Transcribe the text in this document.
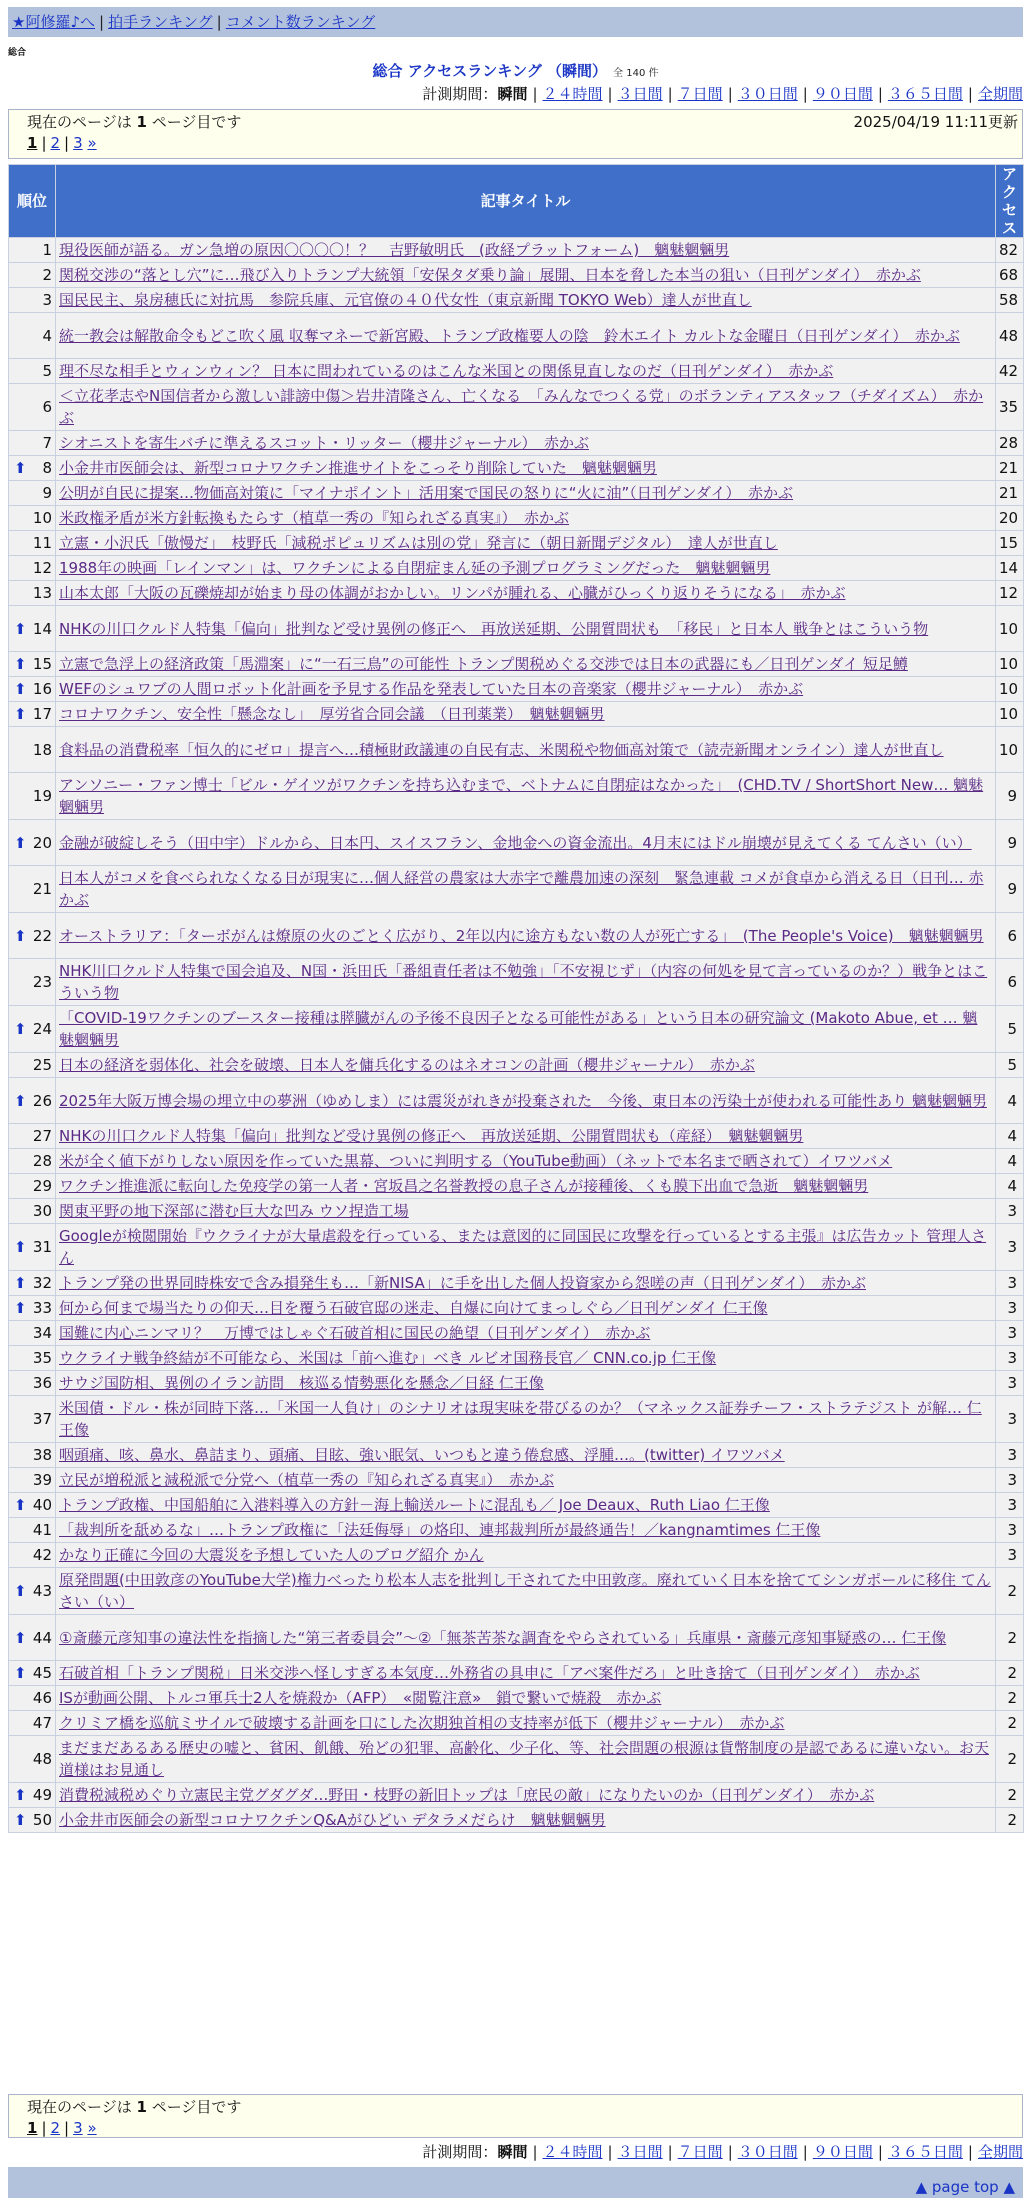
★阿修羅♪へ | 拍手ランキング | コメント数ランキング
総合
総合 アクセスランキング （瞬間） 全 140 件
計測期間：瞬間 | ２４時間 | ３日間 | ７日間 | ３０日間 | ９０日間 | ３６５日間 | 全期間
現在のページは 1 ページ目です	2025/04/19 11:11更新
1 | 2 | 3 »
順位	記事タイトル	アクセス
1	現役医師が語る。ガン急増の原因〇〇〇〇！？　吉野敏明氏　(政経プラットフォーム)　魑魅魍魎男	82
2	関税交渉の“落とし穴”に…飛び入りトランプ大統領「安保タダ乗り論」展開、日本を脅した本当の狙い（日刊ゲンダイ）　赤かぶ	68
3	国民民主、泉房穂氏に対抗馬　参院兵庫、元官僚の４０代女性（東京新聞 TOKYO Web）達人が世直し	58
4	統一教会は解散命令もどこ吹く風 収奪マネーで新宮殿、トランプ政権要人の陰　鈴木エイト カルトな金曜日（日刊ゲンダイ）　赤かぶ	48
5	理不尽な相手とウィンウィン？ 日本に問われているのはこんな米国との関係見直しなのだ（日刊ゲンダイ）　赤かぶ	42
6	＜立花孝志やN国信者から激しい誹謗中傷＞岩井清隆さん、亡くなる　「みんなでつくる党」のボランティアスタッフ（チダイズム）　赤かぶ	35
7	シオニストを寄生バチに準えるスコット・リッター（櫻井ジャーナル）　赤かぶ	28

⬆ 8	小金井市医師会は、新型コロナワクチン推進サイトをこっそり削除していた　魑魅魍魎男	21
9	公明が自民に提案…物価高対策に「マイナポイント」活用案で国民の怒りに“火に油”（日刊ゲンダイ）　赤かぶ	21
10	米政権矛盾が米方針転換もたらす（植草一秀の『知られざる真実』）　赤かぶ	20
11	立憲・小沢氏「傲慢だ」　枝野氏「減税ポピュリズムは別の党」発言に（朝日新聞デジタル）　達人が世直し	15
12	1988年の映画「レインマン」は、ワクチンによる自閉症まん延の予測プログラミングだった　魑魅魍魎男	14
13	山本太郎「大阪の瓦礫焼却が始まり母の体調がおかしい。リンパが腫れる、心臓がひっくり返りそうになる」　赤かぶ	12

⬆ 14	NHKの川口クルド人特集「偏向」批判など受け異例の修正へ　再放送延期、公開質問状も　「移民」と日本人 戦争とはこういう物	10

⬆ 15	立憲で急浮上の経済政策「馬淵案」に“一石三鳥”の可能性 トランプ関税めぐる交渉では日本の武器にも／日刊ゲンダイ 短足鱒	10

⬆ 16	WEFのシュワブの人間ロボット化計画を予見する作品を発表していた日本の音楽家（櫻井ジャーナル）　赤かぶ	10

⬆ 17	コロナワクチン、安全性「懸念なし」　厚労省合同会議　（日刊薬業）　魑魅魍魎男	10
18	食料品の消費税率「恒久的にゼロ」提言へ…積極財政議連の自民有志、米関税や物価高対策で（読売新聞オンライン）達人が世直し	10
19	アンソニー・ファン博士「ビル・ゲイツがワクチンを持ち込むまで、ベトナムに自閉症はなかった」　(CHD.TV / ShortShort New… 魑魅魍魎男	9

⬆ 20	金融が破綻しそう（田中宇）ドルから、日本円、スイスフラン、金地金への資金流出。4月末にはドル崩壊が見えてくる てんさい（い）	9
21	日本人がコメを食べられなくなる日が現実に…個人経営の農家は大赤字で離農加速の深刻　緊急連載 コメが食卓から消える日（日刊… 赤かぶ	9

⬆ 22	オーストラリア：「ターボがんは燎原の火のごとく広がり、2年以内に途方もない数の人が死亡する」　(The People's Voice)　魑魅魍魎男	6
23	NHK川口クルド人特集で国会追及、N国・浜田氏「番組責任者は不勉強」「不安視じず」（内容の何処を見て言っているのか？）戦争とはこういう物	6

⬆ 24	「COVID-19ワクチンのブースター接種は膵臓がんの予後不良因子となる可能性がある」という日本の研究論文 (Makoto Abue, et … 魑魅魍魎男	5
25	日本の経済を弱体化、社会を破壊、日本人を傭兵化するのはネオコンの計画（櫻井ジャーナル）　赤かぶ	5

⬆ 26	2025年大阪万博会場の埋立中の夢洲（ゆめしま）には震災がれきが投棄された　今後、東日本の汚染土が使われる可能性あり 魑魅魍魎男	4
27	NHKの川口クルド人特集「偏向」批判など受け異例の修正へ　再放送延期、公開質問状も（産経）　魑魅魍魎男	4
28	米が全く値下がりしない原因を作っていた黒幕、ついに判明する（YouTube動画）（ネットで本名まで晒されて）イワツバメ	4
29	ワクチン推進派に転向した免疫学の第一人者・宮坂昌之名誉教授の息子さんが接種後、くも膜下出血で急逝　魑魅魍魎男	4
30	関東平野の地下深部に潜む巨大な凹み ウソ捏造工場	3

⬆ 31	Googleが検閲開始『ウクライナが大量虐殺を行っている、または意図的に同国民に攻撃を行っているとする主張』は広告カット 管理人さん	3

⬆ 32	トランプ発の世界同時株安で含み損発生も…「新NISA」に手を出した個人投資家から怨嗟の声（日刊ゲンダイ）　赤かぶ	3

⬆ 33	何から何まで場当たりの仰天…目を覆う石破官邸の迷走、自爆に向けてまっしぐら／日刊ゲンダイ 仁王像	3
34	国難に内心ニンマリ？　万博ではしゃぐ石破首相に国民の絶望（日刊ゲンダイ）　赤かぶ	3
35	ウクライナ戦争終結が不可能なら、米国は「前へ進む」べき ルビオ国務長官／ CNN.co.jp 仁王像	3
36	サウジ国防相、異例のイラン訪問　核巡る情勢悪化を懸念／日経 仁王像	3
37	米国債・ドル・株が同時下落…「米国一人負け」のシナリオは現実味を帯びるのか？（マネックス証券チーフ・ストラテジスト が解… 仁王像	3
38	咽頭痛、咳、鼻水、鼻詰まり、頭痛、目眩、強い眠気、いつもと違う倦怠感、浮腫…。(twitter) イワツバメ	3
39	立民が増税派と減税派で分党へ（植草一秀の『知られざる真実』）　赤かぶ	3

⬆ 40	トランプ政権、中国船舶に入港料導入の方針－海上輸送ルートに混乱も／ Joe Deaux、Ruth Liao 仁王像	3
41	「裁判所を舐めるな」…トランプ政権に「法廷侮辱」の烙印、連邦裁判所が最終通告！／kangnamtimes 仁王像	3
42	かなり正確に今回の大震災を予想していた人のブログ紹介 かん	3

⬆ 43	原発問題(中田敦彦のYouTube大学)権力べったり松本人志を批判し干されてた中田敦彦。廃れていく日本を捨ててシンガポールに移住 てんさい（い）	2

⬆ 44	①斎藤元彦知事の違法性を指摘した“第三者委員会”～②「無茶苦茶な調査をやらされている」兵庫県・斎藤元彦知事疑惑の… 仁王像	2

⬆ 45	石破首相「トランプ関税」日米交渉へ怪しすぎる本気度…外務省の具申に「アベ案件だろ」と吐き捨て（日刊ゲンダイ）　赤かぶ	2
46	ISが動画公開、トルコ軍兵士2人を焼殺か（AFP）　«閲覧注意»　鎖で繋いで焼殺　赤かぶ	2
47	クリミア橋を巡航ミサイルで破壊する計画を口にした次期独首相の支持率が低下（櫻井ジャーナル）　赤かぶ	2
48	まだまだあるある歴史の嘘と、貧困、飢餓、殆どの犯罪、高齢化、少子化、等、社会問題の根源は貨幣制度の是認であるに違いない。お天道様はお見通し	2

⬆ 49	消費税減税めぐり立憲民主党グダグダ…野田・枝野の新旧トップは「庶民の敵」になりたいのか（日刊ゲンダイ）　赤かぶ	2

⬆ 50	小金井市医師会の新型コロナワクチンQ&Aがひどい デタラメだらけ　魑魅魍魎男	2
現在のページは 1 ページ目です
1 | 2 | 3 »
計測期間：瞬間 | ２４時間 | ３日間 | ７日間 | ３０日間 | ９０日間 | ３６５日間 | 全期間
▲ page top ▲
